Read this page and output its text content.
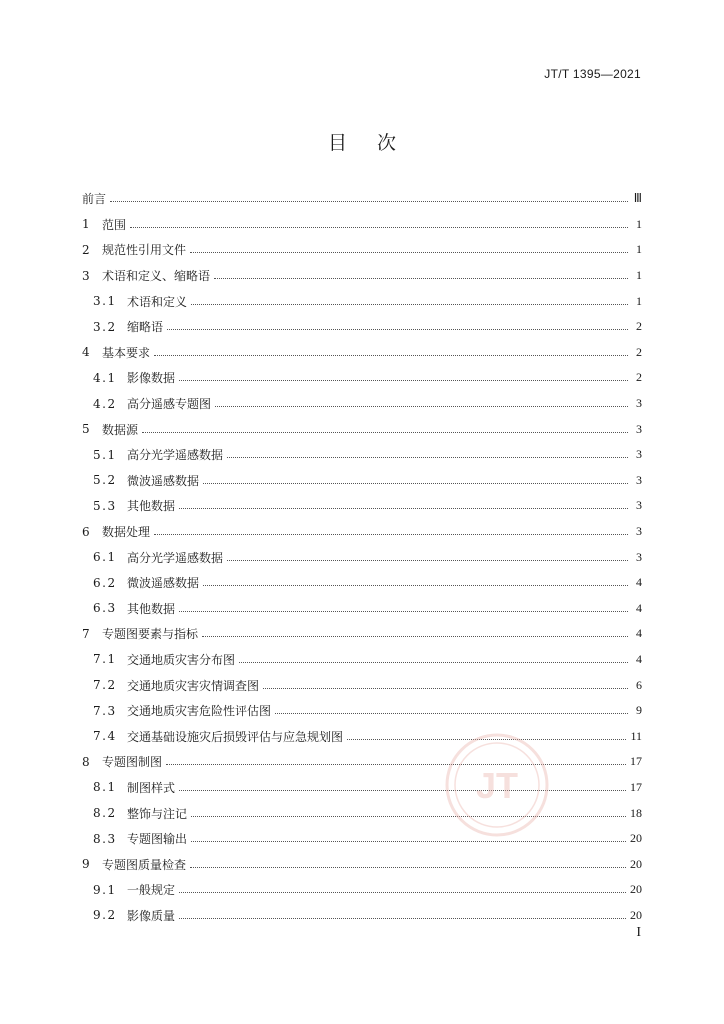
JT/T 1395—2021
目次
前言	Ⅲ
1	范围	1
2	规范性引用文件	1
3	术语和定义、缩略语	1
3.1 术语和定义	1
3.2 缩略语	2
4	基本要求	2
4.1 影像数据	2
4.2 高分遥感专题图	3
5	数据源	3
5.1 高分光学遥感数据	3
5.2 微波遥感数据	3
5.3 其他数据	3
6	数据处理	3
6.1 高分光学遥感数据	3
6.2 微波遥感数据	4
6.3 其他数据	4
7	专题图要素与指标	4
7.1 交通地质灾害分布图	4
7.2 交通地质灾害灾情调查图	6
7.3 交通地质灾害危险性评估图	9
7.4 交通基础设施灾后损毁评估与应急规划图	11
8	专题图制图	17
8.1 制图样式	17
8.2 整饰与注记	18
8.3 专题图输出	20
9	专题图质量检查	20
9.1 一般规定	20
9.2 影像质量	20
JT
I
